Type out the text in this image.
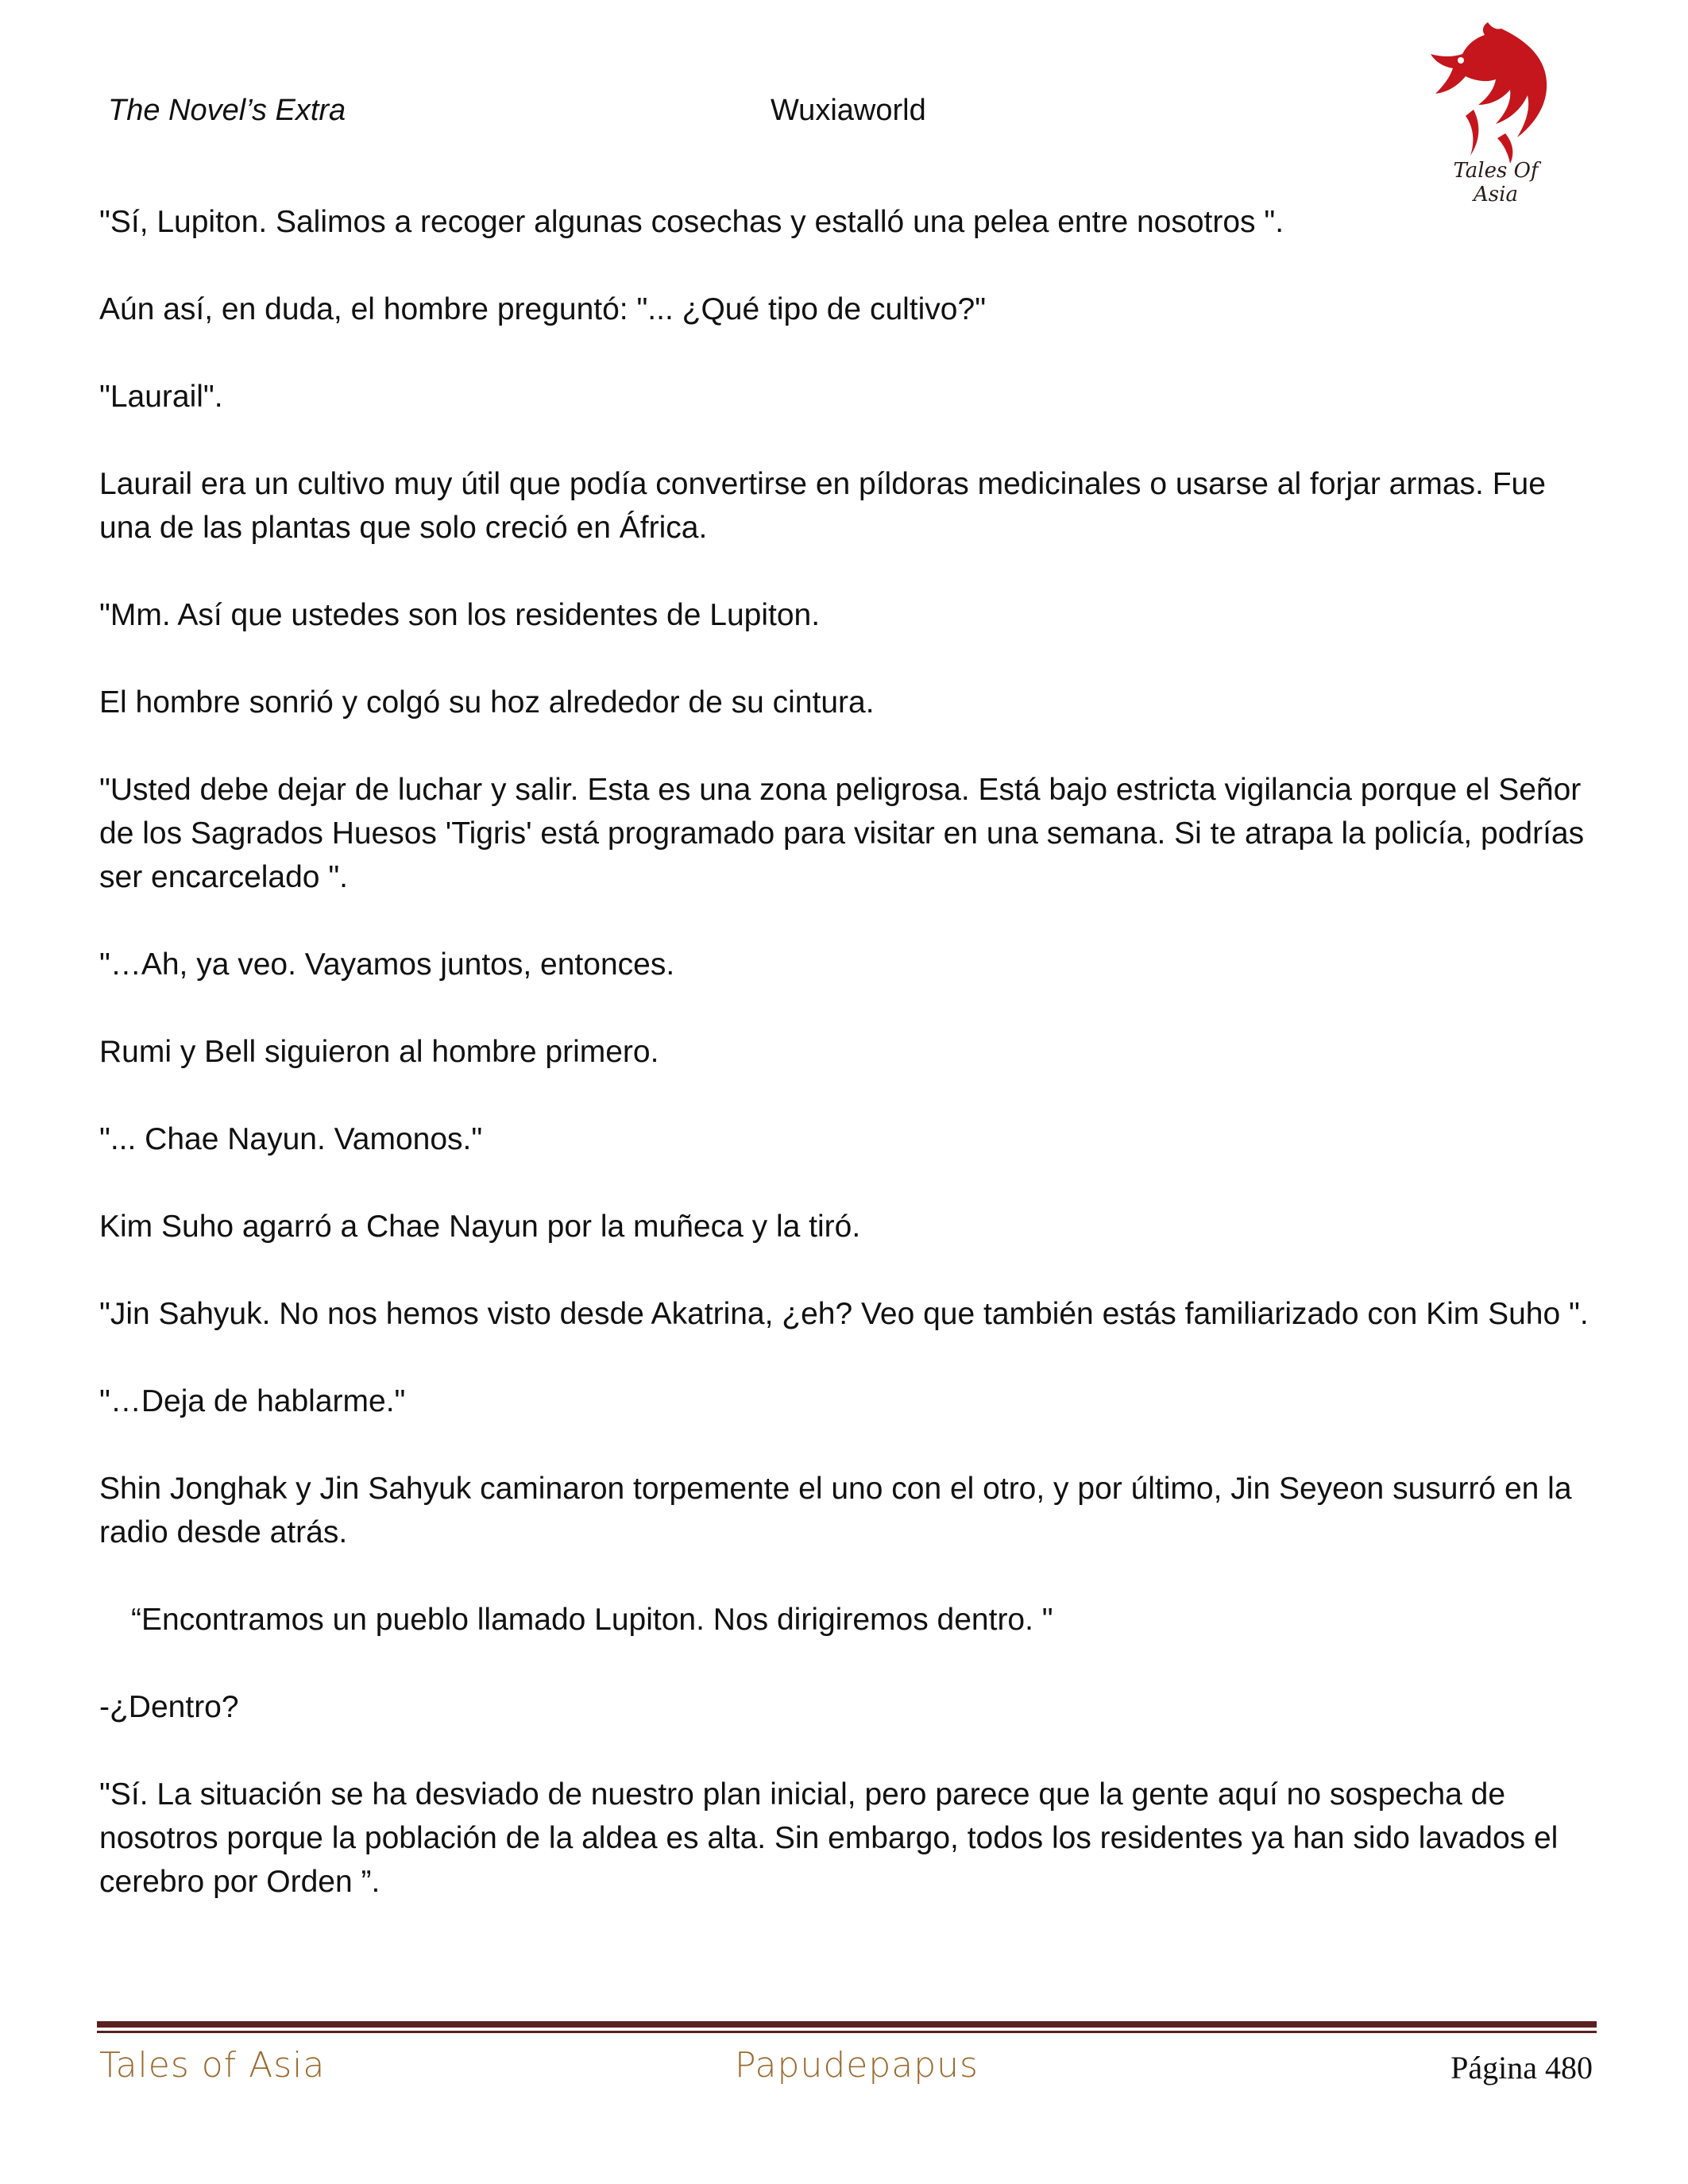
The Novel’s Extra	Wuxiaworld
Tales Of Asia

"Sí, Lupiton. Salimos a recoger algunas cosechas y estalló una pelea entre nosotros ".

Aún así, en duda, el hombre preguntó: "... ¿Qué tipo de cultivo?"

"Laurail".

Laurail era un cultivo muy útil que podía convertirse en píldoras medicinales o usarse al forjar armas. Fue una de las plantas que solo creció en África.

"Mm. Así que ustedes son los residentes de Lupiton.

El hombre sonrió y colgó su hoz alrededor de su cintura.

"Usted debe dejar de luchar y salir. Esta es una zona peligrosa. Está bajo estricta vigilancia porque el Señor de los Sagrados Huesos 'Tigris' está programado para visitar en una semana. Si te atrapa la policía, podrías ser encarcelado ".

"…Ah, ya veo. Vayamos juntos, entonces.

Rumi y Bell siguieron al hombre primero.

"... Chae Nayun. Vamonos."

Kim Suho agarró a Chae Nayun por la muñeca y la tiró.

"Jin Sahyuk. No nos hemos visto desde Akatrina, ¿eh? Veo que también estás familiarizado con Kim Suho ".

"…Deja de hablarme."

Shin Jonghak y Jin Sahyuk caminaron torpemente el uno con el otro, y por último, Jin Seyeon susurró en la radio desde atrás.

“Encontramos un pueblo llamado Lupiton. Nos dirigiremos dentro. "

-¿Dentro?

"Sí. La situación se ha desviado de nuestro plan inicial, pero parece que la gente aquí no sospecha de nosotros porque la población de la aldea es alta. Sin embargo, todos los residentes ya han sido lavados el cerebro por Orden ”.

Tales of Asia	Papudepapus	Página 480
